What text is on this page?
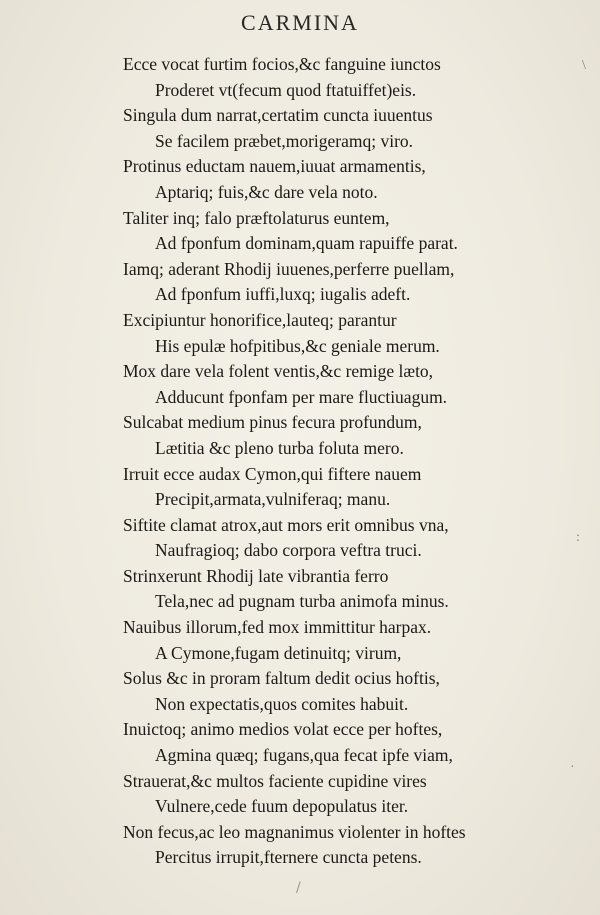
CARMINA
Ecce vocat furtim focios,&c fanguine iunctos
Proderet vt(fecum quod ftatuiffet)eis.
Singula dum narrat,certatim cuncta iuuentus
Se facilem præbet,morigeramq; viro.
Protinus eductam nauem,iuuat armamentis,
Aptariq; fuis,&c dare vela noto.
Taliter inq; falo præftolaturus euntem,
Ad fponfum dominam,quam rapuiffe parat.
Iamq; aderant Rhodij iuuenes,perferre puellam,
Ad fponfum iuffi,luxq; iugalis adeft.
Excipiuntur honorifice,lauteq; parantur
His epulæ hofpitibus,&c geniale merum.
Mox dare vela folent ventis,&c remige læto,
Adducunt fponfam per mare fluctiuagum.
Sulcabat medium pinus fecura profundum,
Lætitia &c pleno turba foluta mero.
Irruit ecce audax Cymon,qui fiftere nauem
Precipit,armata,vulniferaq; manu.
Siftite clamat atrox,aut mors erit omnibus vna,
Naufragioq; dabo corpora veftra truci.
Strinxerunt Rhodij late vibrantia ferro
Tela,nec ad pugnam turba animofa minus.
Nauibus illorum,fed mox immittitur harpax.
A Cymone,fugam detinuitq; virum,
Solus &c in proram faltum dedit ocius hoftis,
Non expectatis,quos comites habuit.
Inuictoq; animo medios volat ecce per hoftes,
Agmina quæq; fugans,qua fecat ipfe viam,
Strauerat,&c multos faciente cupidine vires
Vulnere,cede fuum depopulatus iter.
Non fecus,ac leo magnanimus violenter in hoftes
Percitus irrupit,fternere cuncta petens.
\
:
·
/
